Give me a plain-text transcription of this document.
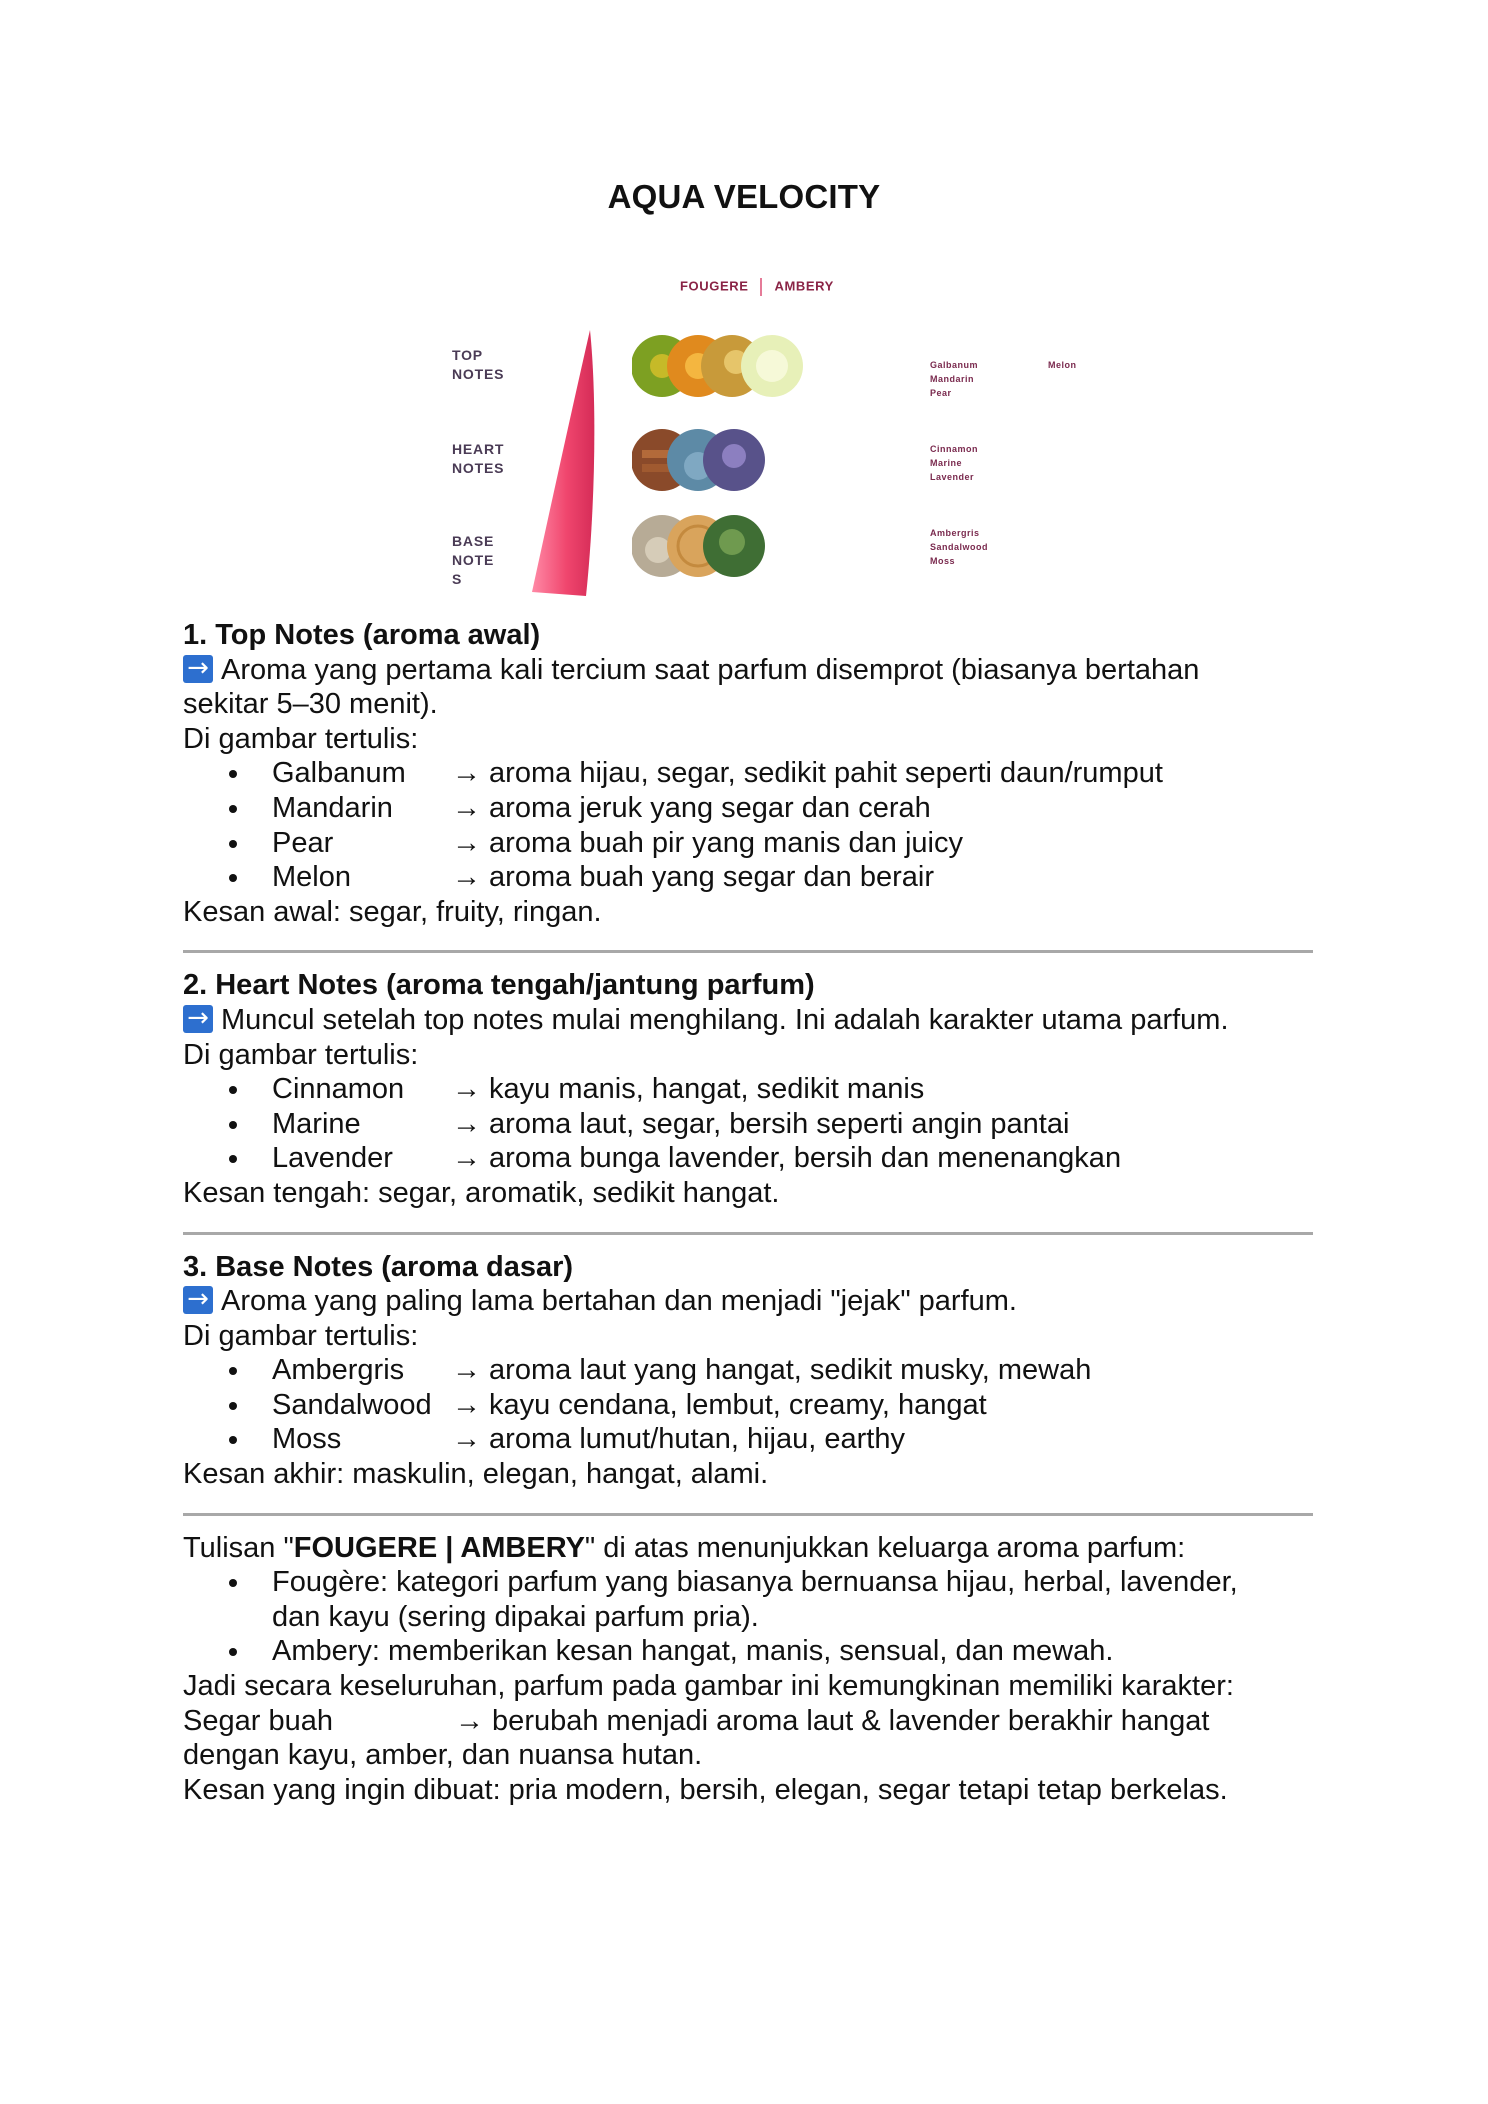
AQUA VELOCITY
FOUGERE AMBERY
TOP
NOTES
HEART
NOTES
BASE
NOTE
S
Galbanum
Mandarin
Pear
Melon
Cinnamon
Marine
Lavender
Ambergris
Sandalwood
Moss
1. Top Notes (aroma awal)
→Aroma yang pertama kali tercium saat parfum disemprot (biasanya bertahan
sekitar 5–30 menit).
Di gambar tertulis:
Galbanum → aroma hijau, segar, sedikit pahit seperti daun/rumput
Mandarin → aroma jeruk yang segar dan cerah
Pear	→ aroma buah pir yang manis dan juicy
Melon	→ aroma buah yang segar dan berair
Kesan awal: segar, fruity, ringan.
2. Heart Notes (aroma tengah/jantung parfum)
→Muncul setelah top notes mulai menghilang. Ini adalah karakter utama parfum.
Di gambar tertulis:
Cinnamon → kayu manis, hangat, sedikit manis
Marine	→ aroma laut, segar, bersih seperti angin pantai
Lavender → aroma bunga lavender, bersih dan menenangkan
Kesan tengah: segar, aromatik, sedikit hangat.
3. Base Notes (aroma dasar)
→Aroma yang paling lama bertahan dan menjadi "jejak" parfum.
Di gambar tertulis:
Ambergris → aroma laut yang hangat, sedikit musky, mewah
Sandalwood → kayu cendana, lembut, creamy, hangat
Moss	→ aroma lumut/hutan, hijau, earthy
Kesan akhir: maskulin, elegan, hangat, alami.
Tulisan "FOUGERE | AMBERY" di atas menunjukkan keluarga aroma parfum:
Fougère: kategori parfum yang biasanya bernuansa hijau, herbal, lavender, dan kayu (sering dipakai parfum pria).
Ambery: memberikan kesan hangat, manis, sensual, dan mewah.
Jadi secara keseluruhan, parfum pada gambar ini kemungkinan memiliki karakter:
Segar buah	→ berubah menjadi aroma laut & lavender berakhir hangat
dengan kayu, amber, dan nuansa hutan.
Kesan yang ingin dibuat: pria modern, bersih, elegan, segar tetapi tetap berkelas.
